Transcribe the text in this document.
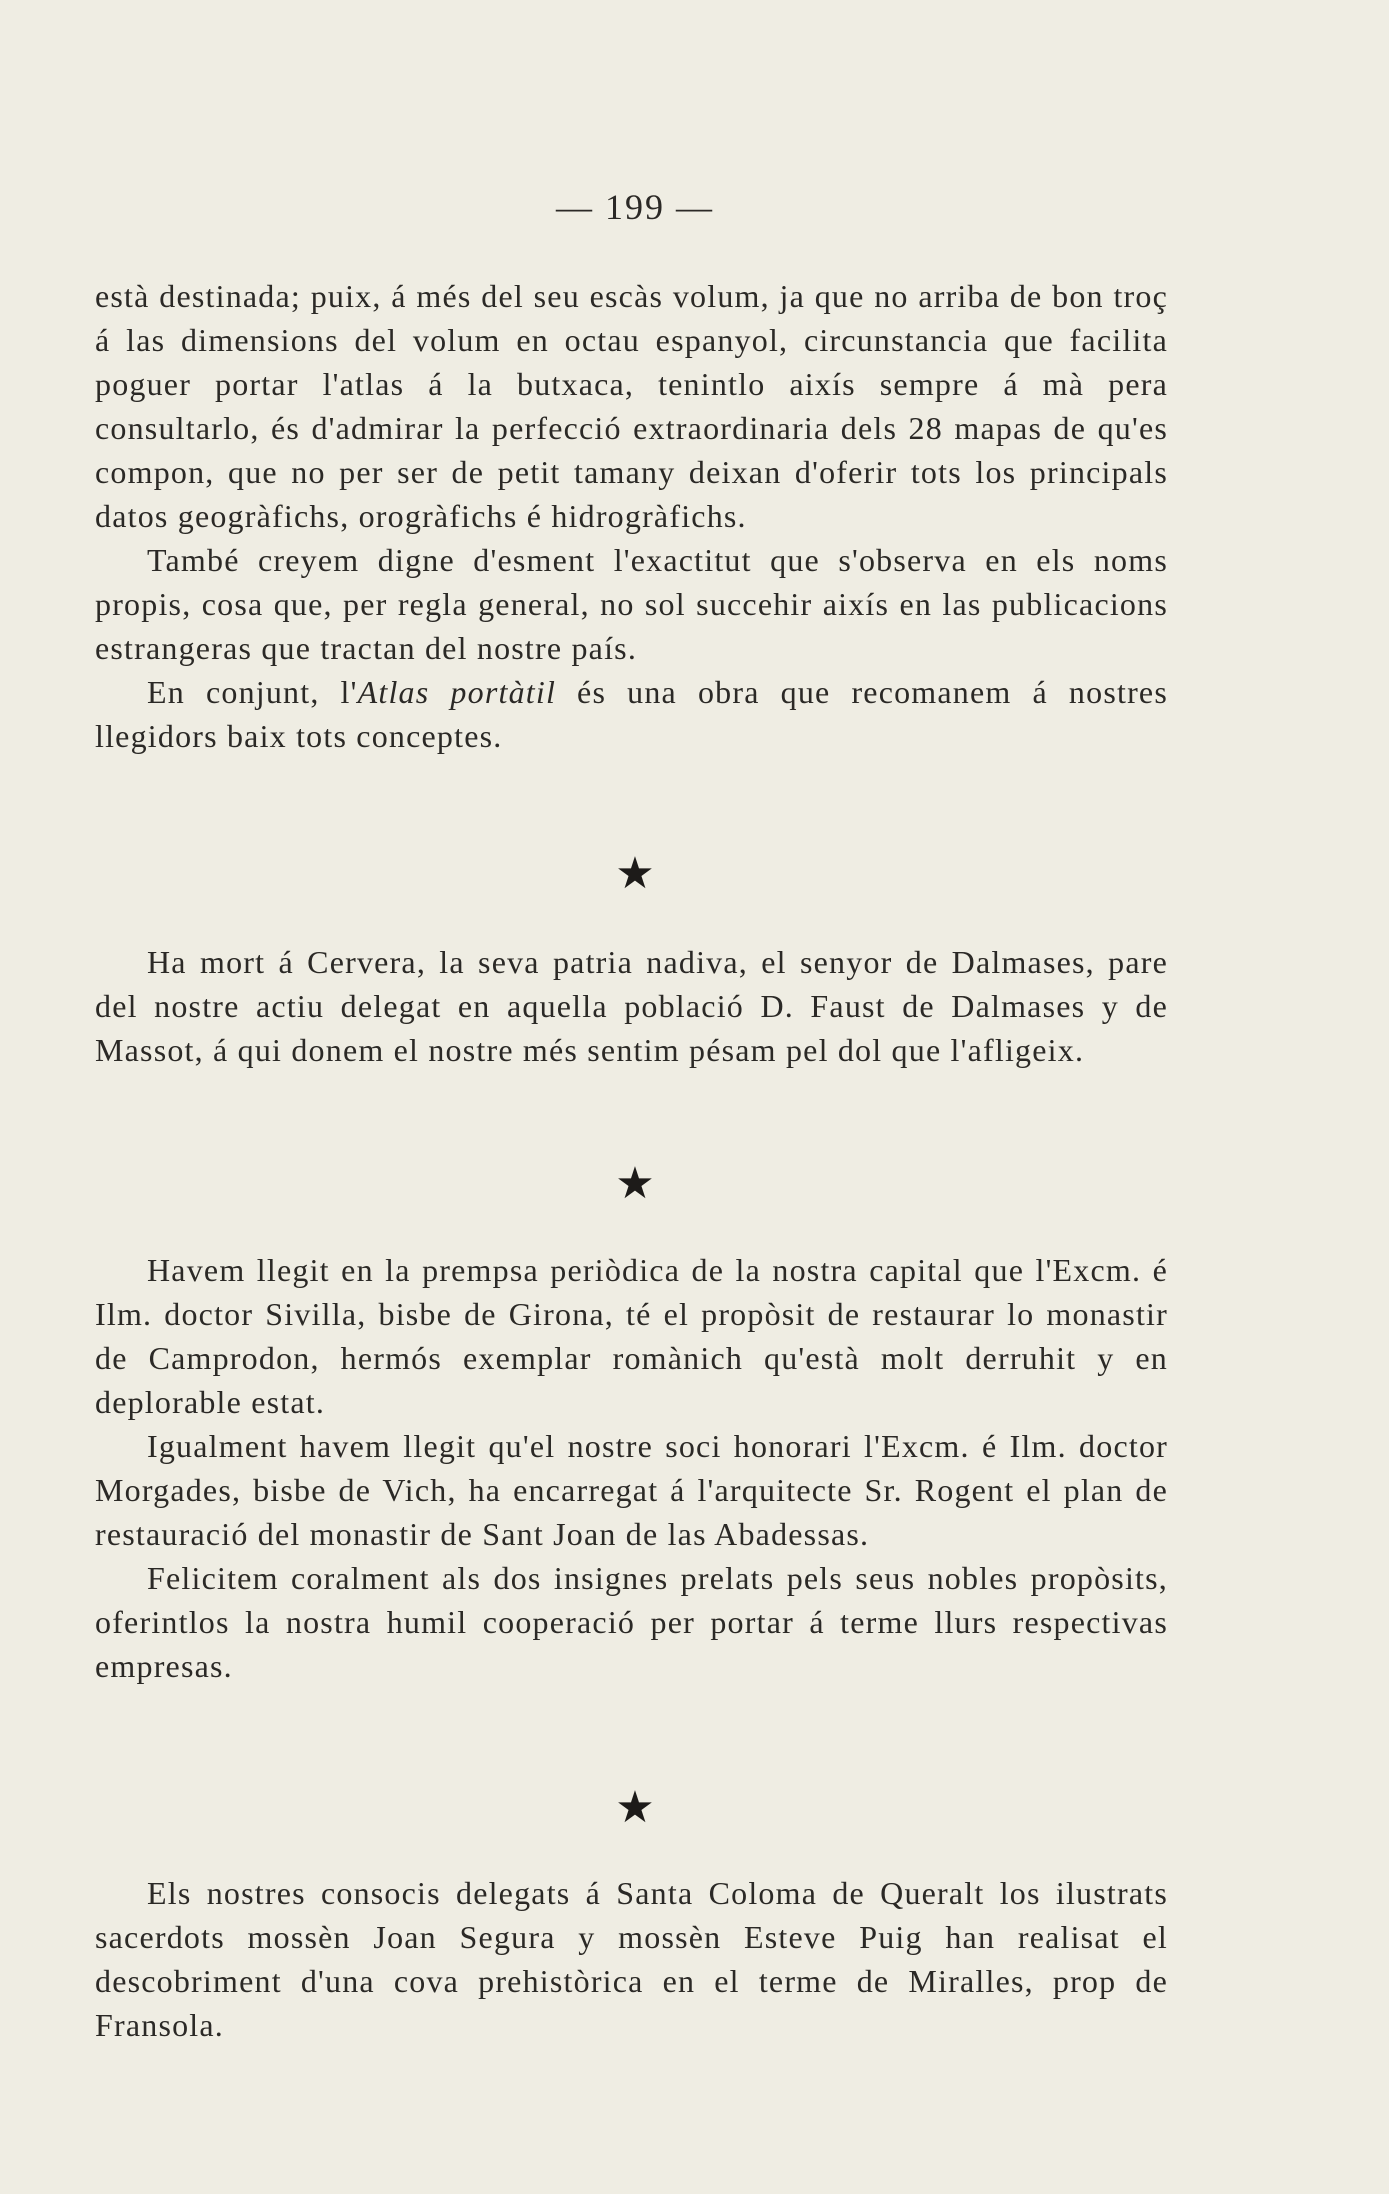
— 199 —

està destinada; puix, á més del seu escàs volum, ja que no arriba de bon troç á las dimensions del volum en octau espanyol, circunstancia que facilita poguer portar l'atlas á la butxaca, tenintlo aixís sempre á mà pera consultarlo, és d'admirar la perfecció extraordinaria dels 28 mapas de qu'es compon, que no per ser de petit tamany deixan d'oferir tots los principals datos geogràfichs, orogràfichs é hidrogràfichs.

També creyem digne d'esment l'exactitut que s'observa en els noms propis, cosa que, per regla general, no sol succehir aixís en las publicacions estrangeras que tractan del nostre país.

En conjunt, l'Atlas portàtil és una obra que recomanem á nostres llegidors baix tots conceptes.

★

Ha mort á Cervera, la seva patria nadiva, el senyor de Dalmases, pare del nostre actiu delegat en aquella població D. Faust de Dalmases y de Massot, á qui donem el nostre més sentim pésam pel dol que l'afligeix.

★

Havem llegit en la prempsa periòdica de la nostra capital que l'Excm. é Ilm. doctor Sivilla, bisbe de Girona, té el propòsit de restaurar lo monastir de Camprodon, hermós exemplar romànich qu'està molt derruhit y en deplorable estat.

Igualment havem llegit qu'el nostre soci honorari l'Excm. é Ilm. doctor Morgades, bisbe de Vich, ha encarregat á l'arquitecte Sr. Rogent el plan de restauració del monastir de Sant Joan de las Abadessas.

Felicitem coralment als dos insignes prelats pels seus nobles propòsits, oferintlos la nostra humil cooperació per portar á terme llurs respectivas empresas.

★

Els nostres consocis delegats á Santa Coloma de Queralt los ilustrats sacerdots mossèn Joan Segura y mossèn Esteve Puig han realisat el descobriment d'una cova prehistòrica en el terme de Miralles, prop de Fransola.
